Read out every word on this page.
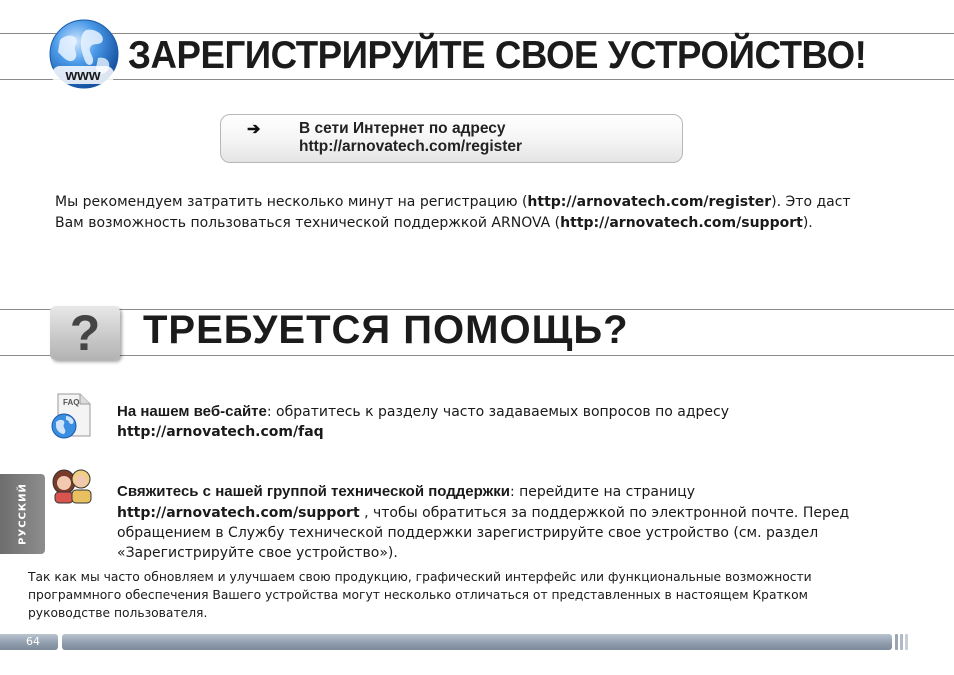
www ЗАРЕГИСТРИРУЙТЕ СВОЕ УСТРОЙСТВО!
➔ В сети Интернет по адресу
http://arnovatech.com/register
Мы рекомендуем затратить несколько минут на регистрацию (http://arnovatech.com/register). Это даст Вам возможность пользоваться технической поддержкой ARNOVA (http://arnovatech.com/support).
?	ТРЕБУЕТСЯ ПОМОЩЬ?
FAQ
На нашем веб-сайте: обратитесь к разделу часто задаваемых вопросов по адресу
http://arnovatech.com/faq
Свяжитесь с нашей группой технической поддержки: перейдите на страницу
http://arnovatech.com/support , чтобы обратиться за поддержкой по электронной почте. Перед обращением в Службу технической поддержки зарегистрируйте свое устройство (см. раздел «Зарегистрируйте свое устройство»).
РУССКИЙ
Так как мы часто обновляем и улучшаем свою продукцию, графический интерфейс или функциональные возможности программного обеспечения Вашего устройства могут несколько отличаться от представленных в настоящем Кратком руководстве пользователя.
64
